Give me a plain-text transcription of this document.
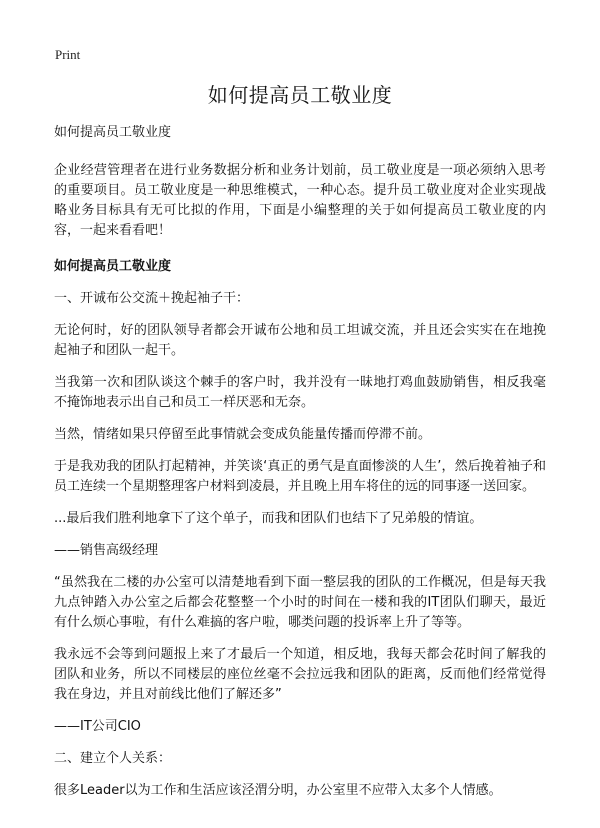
Print
如何提高员工敬业度

如何提高员工敬业度

企业经营管理者在进行业务数据分析和业务计划前，员工敬业度是一项必须纳入思考的重要项目。员工敬业度是一种思维模式，一种心态。提升员工敬业度对企业实现战略业务目标具有无可比拟的作用，下面是小编整理的关于如何提高员工敬业度的内容，一起来看看吧！

如何提高员工敬业度

一、开诚布公交流＋挽起袖子干：

无论何时，好的团队领导者都会开诚布公地和员工坦诚交流，并且还会实实在在地挽起袖子和团队一起干。

当我第一次和团队谈这个棘手的客户时，我并没有一昧地打鸡血鼓励销售，相反我毫不掩饰地表示出自己和员工一样厌恶和无奈。

当然，情绪如果只停留至此事情就会变成负能量传播而停滞不前。

于是我劝我的团队打起精神，并笑谈‘真正的勇气是直面惨淡的人生’，然后挽着袖子和员工连续一个星期整理客户材料到凌晨，并且晚上用车将住的远的同事逐一送回家。

...最后我们胜利地拿下了这个单子，而我和团队们也结下了兄弟般的情谊。

——销售高级经理

“虽然我在二楼的办公室可以清楚地看到下面一整层我的团队的工作概况，但是每天我九点钟踏入办公室之后都会花整整一个小时的时间在一楼和我的IT团队们聊天，最近有什么烦心事啦，有什么难搞的客户啦，哪类问题的投诉率上升了等等。

我永远不会等到问题报上来了才最后一个知道，相反地，我每天都会花时间了解我的团队和业务，所以不同楼层的座位丝毫不会拉远我和团队的距离，反而他们经常觉得我在身边，并且对前线比他们了解还多”

——IT公司CIO

二、建立个人关系：

很多Leader以为工作和生活应该泾渭分明，办公室里不应带入太多个人情感。
